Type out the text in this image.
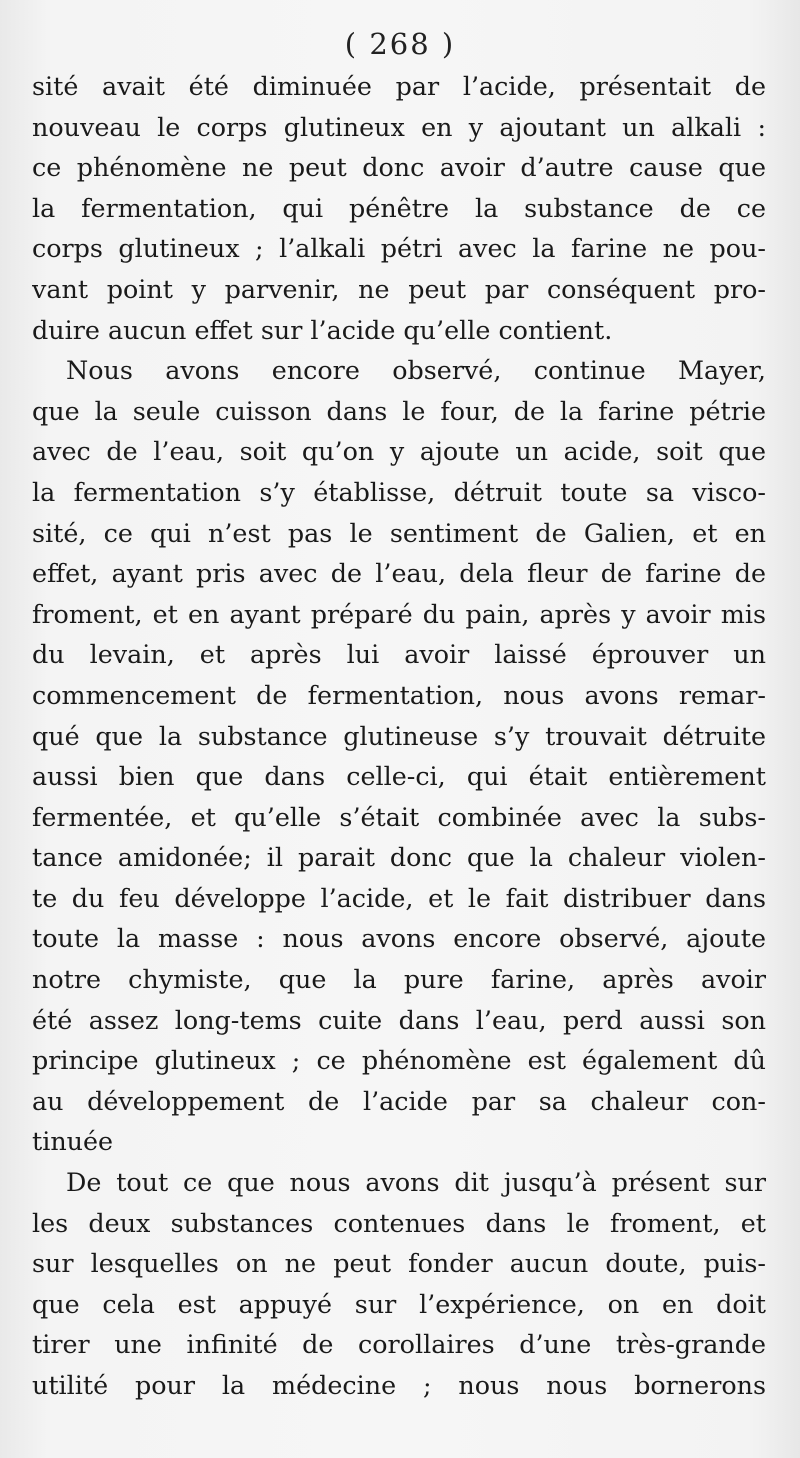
( 268 )
sité avait été diminuée par l’acide, présentait de
nouveau le corps glutineux en y ajoutant un alkali :
ce phénomène ne peut donc avoir d’autre cause que
la fermentation, qui pénêtre la substance de ce
corps glutineux ; l’alkali pétri avec la farine ne pou-
vant point y parvenir, ne peut par conséquent pro-
duire aucun effet sur l’acide qu’elle contient.
Nous avons encore observé, continue Mayer,
que la seule cuisson dans le four, de la farine pétrie
avec de l’eau, soit qu’on y ajoute un acide, soit que
la fermentation s’y établisse, détruit toute sa visco-
sité, ce qui n’est pas le sentiment de Galien, et en
effet, ayant pris avec de l’eau, dela fleur de farine de
froment, et en ayant préparé du pain, après y avoir mis
du levain, et après lui avoir laissé éprouver un
commencement de fermentation, nous avons remar-
qué que la substance glutineuse s’y trouvait détruite
aussi bien que dans celle-ci, qui était entièrement
fermentée, et qu’elle s’était combinée avec la subs-
tance amidonée; il parait donc que la chaleur violen-
te du feu développe l’acide, et le fait distribuer dans
toute la masse : nous avons encore observé, ajoute
notre chymiste, que la pure farine, après avoir
été assez long-tems cuite dans l’eau, perd aussi son
principe glutineux ; ce phénomène est également dû
au développement de l’acide par sa chaleur con-
tinuée
De tout ce que nous avons dit jusqu’à présent sur
les deux substances contenues dans le froment, et
sur lesquelles on ne peut fonder aucun doute, puis-
que cela est appuyé sur l’expérience, on en doit
tirer une infinité de corollaires d’une très-grande
utilité pour la médecine ; nous nous bornerons
